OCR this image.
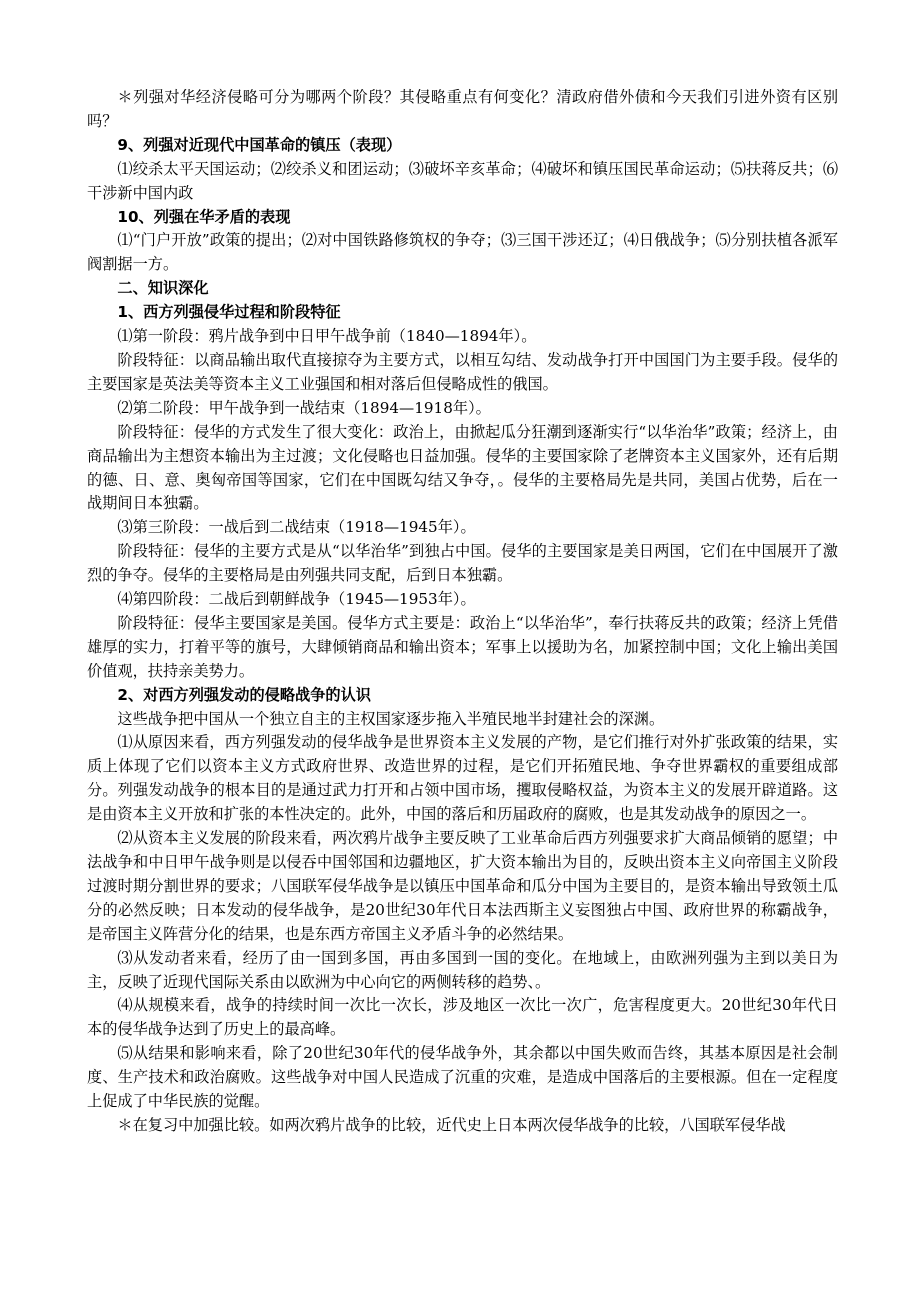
＊列强对华经济侵略可分为哪两个阶段？其侵略重点有何变化？清政府借外债和今天我们引进外资有区别吗？

9、列强对近现代中国革命的镇压（表现）

⑴绞杀太平天国运动；⑵绞杀义和团运动；⑶破坏辛亥革命；⑷破坏和镇压国民革命运动；⑸扶蒋反共；⑹干涉新中国内政

10、列强在华矛盾的表现

⑴“门户开放”政策的提出；⑵对中国铁路修筑权的争夺；⑶三国干涉还辽；⑷日俄战争；⑸分别扶植各派军阀割据一方。

二、知识深化

1、西方列强侵华过程和阶段特征

⑴第一阶段：鸦片战争到中日甲午战争前（1840—1894年）。

阶段特征：以商品输出取代直接掠夺为主要方式，以相互勾结、发动战争打开中国国门为主要手段。侵华的主要国家是英法美等资本主义工业强国和相对落后但侵略成性的俄国。

⑵第二阶段：甲午战争到一战结束（1894—1918年）。

阶段特征：侵华的方式发生了很大变化：政治上，由掀起瓜分狂潮到逐渐实行“以华治华”政策；经济上，由商品输出为主想资本输出为主过渡；文化侵略也日益加强。侵华的主要国家除了老牌资本主义国家外，还有后期的德、日、意、奥匈帝国等国家，它们在中国既勾结又争夺，。侵华的主要格局先是共同，美国占优势，后在一战期间日本独霸。

⑶第三阶段：一战后到二战结束（1918—1945年）。

阶段特征：侵华的主要方式是从“以华治华”到独占中国。侵华的主要国家是美日两国，它们在中国展开了激烈的争夺。侵华的主要格局是由列强共同支配，后到日本独霸。

⑷第四阶段：二战后到朝鲜战争（1945—1953年）。

阶段特征：侵华主要国家是美国。侵华方式主要是：政治上“以华治华”，奉行扶蒋反共的政策；经济上凭借雄厚的实力，打着平等的旗号，大肆倾销商品和输出资本；军事上以援助为名，加紧控制中国；文化上输出美国价值观，扶持亲美势力。

2、对西方列强发动的侵略战争的认识

这些战争把中国从一个独立自主的主权国家逐步拖入半殖民地半封建社会的深渊。

⑴从原因来看，西方列强发动的侵华战争是世界资本主义发展的产物，是它们推行对外扩张政策的结果，实质上体现了它们以资本主义方式政府世界、改造世界的过程，是它们开拓殖民地、争夺世界霸权的重要组成部分。列强发动战争的根本目的是通过武力打开和占领中国市场，攫取侵略权益，为资本主义的发展开辟道路。这是由资本主义开放和扩张的本性决定的。此外，中国的落后和历届政府的腐败，也是其发动战争的原因之一。

⑵从资本主义发展的阶段来看，两次鸦片战争主要反映了工业革命后西方列强要求扩大商品倾销的愿望；中法战争和中日甲午战争则是以侵吞中国邻国和边疆地区，扩大资本输出为目的，反映出资本主义向帝国主义阶段过渡时期分割世界的要求；八国联军侵华战争是以镇压中国革命和瓜分中国为主要目的，是资本输出导致领土瓜分的必然反映；日本发动的侵华战争，是20世纪30年代日本法西斯主义妄图独占中国、政府世界的称霸战争，是帝国主义阵营分化的结果，也是东西方帝国主义矛盾斗争的必然结果。

⑶从发动者来看，经历了由一国到多国，再由多国到一国的变化。在地域上，由欧洲列强为主到以美日为主，反映了近现代国际关系由以欧洲为中心向它的两侧转移的趋势、。

⑷从规模来看，战争的持续时间一次比一次长，涉及地区一次比一次广，危害程度更大。20世纪30年代日本的侵华战争达到了历史上的最高峰。

⑸从结果和影响来看，除了20世纪30年代的侵华战争外，其余都以中国失败而告终，其基本原因是社会制度、生产技术和政治腐败。这些战争对中国人民造成了沉重的灾难，是造成中国落后的主要根源。但在一定程度上促成了中华民族的觉醒。

＊在复习中加强比较。如两次鸦片战争的比较，近代史上日本两次侵华战争的比较，八国联军侵华战
